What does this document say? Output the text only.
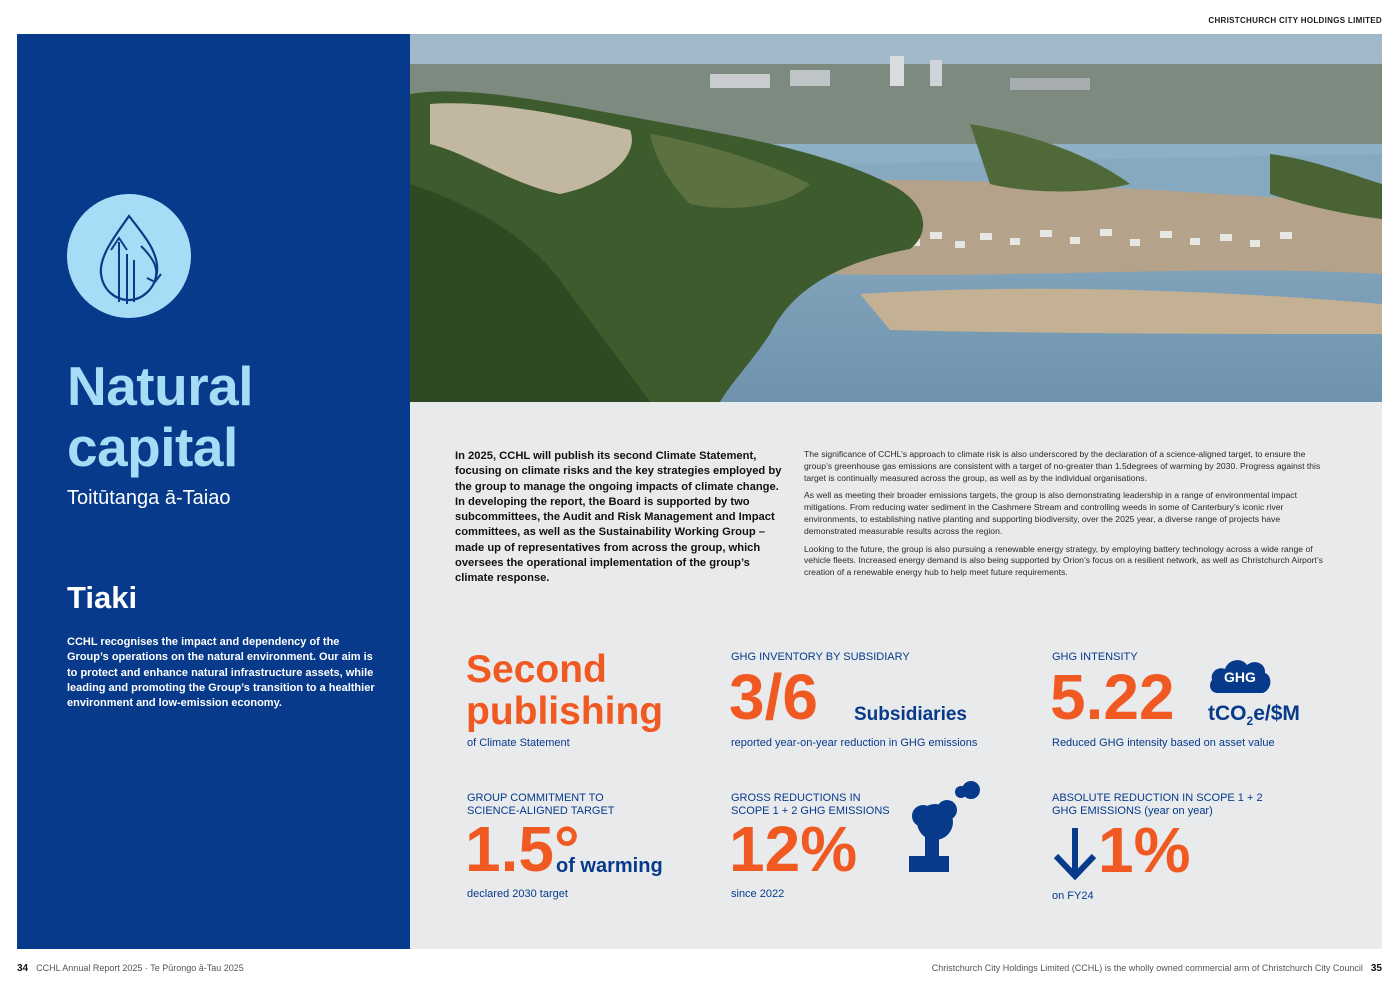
CHRISTCHURCH CITY HOLDINGS LIMITED
Natural
capital
Toitūtanga ā-Taiao
Tiaki
CCHL recognises the impact and dependency of the Group’s operations on the natural environment. Our aim is to protect and enhance natural infrastructure assets, while leading and promoting the Group’s transition to a healthier environment and low-emission economy.
In 2025, CCHL will publish its second Climate Statement, focusing on climate risks and the key strategies employed by the group to manage the ongoing impacts of climate change. In developing the report, the Board is supported by two subcommittees, the Audit and Risk Management and Impact committees, as well as the Sustainability Working Group – made up of representatives from across the group, which oversees the operational implementation of the group’s climate response.

The significance of CCHL’s approach to climate risk is also underscored by the declaration of a science-aligned target, to ensure the group’s greenhouse gas emissions are consistent with a target of no-greater than 1.5degrees of warming by 2030. Progress against this target is continually measured across the group, as well as by the individual organisations.

As well as meeting their broader emissions targets, the group is also demonstrating leadership in a range of environmental impact mitigations. From reducing water sediment in the Cashmere Stream and controlling weeds in some of Canterbury’s iconic river environments, to establishing native planting and supporting biodiversity, over the 2025 year, a diverse range of projects have demonstrated measurable results across the region.

Looking to the future, the group is also pursuing a renewable energy strategy, by employing battery technology across a wide range of vehicle fleets. Increased energy demand is also being supported by Orion’s focus on a resilient network, as well as Christchurch Airport’s creation of a renewable energy hub to help meet future requirements.

Second
publishing
of Climate Statement
GHG INVENTORY BY SUBSIDIARY
3/6 Subsidiaries
reported year-on-year reduction in GHG emissions
GHG INTENSITY
5.22	GHG
tCO$_2$e/$M
Reduced GHG intensity based on asset value
GROUP COMMITMENT TO
SCIENCE-ALIGNED TARGET
1.5°
of warming
declared 2030 target
GROSS REDUCTIONS IN
SCOPE 1 + 2 GHG EMISSIONS
12%
since 2022
ABSOLUTE REDUCTION IN SCOPE 1 + 2
GHG EMISSIONS (year on year)
1%
on FY24
34 CCHL Annual Report 2025 · Te Pūrongo ā-Tau 2025	Christchurch City Holdings Limited (CCHL) is the wholly owned commercial arm of Christchurch City Council 35
